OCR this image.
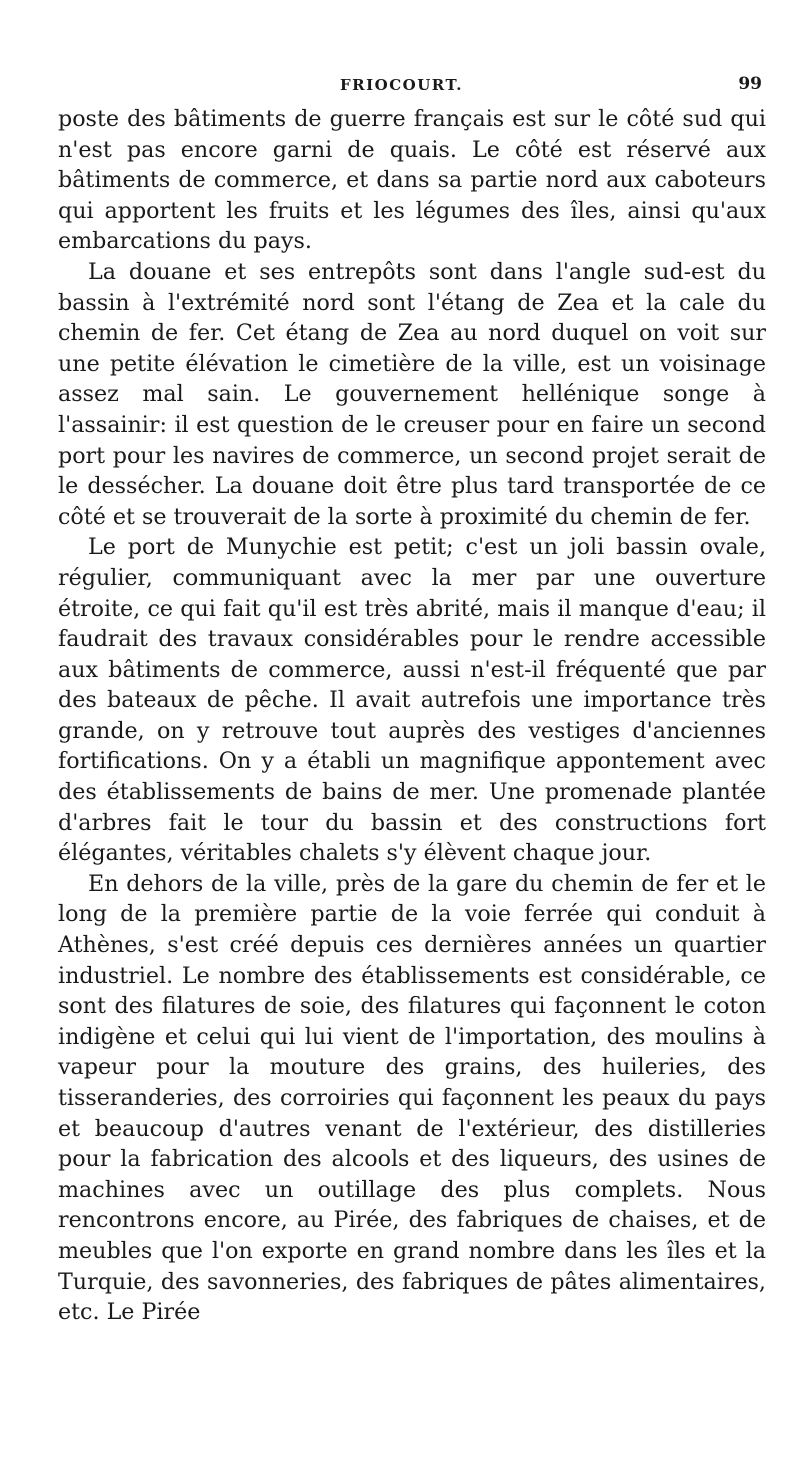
FRIOCOURT.	99

poste des bâtiments de guerre français est sur le côté sud qui n'est pas encore garni de quais. Le côté est réservé aux bâtiments de commerce, et dans sa partie nord aux caboteurs qui apportent les fruits et les légumes des îles, ainsi qu'aux embarcations du pays.

La douane et ses entrepôts sont dans l'angle sud-est du bassin à l'extrémité nord sont l'étang de Zea et la cale du chemin de fer. Cet étang de Zea au nord duquel on voit sur une petite élévation le cimetière de la ville, est un voisinage assez mal sain. Le gouvernement hellénique songe à l'assainir: il est question de le creuser pour en faire un second port pour les navires de commerce, un second projet serait de le dessécher. La douane doit être plus tard transportée de ce côté et se trouverait de la sorte à proximité du chemin de fer.

Le port de Munychie est petit; c'est un joli bassin ovale, régulier, communiquant avec la mer par une ouverture étroite, ce qui fait qu'il est très abrité, mais il manque d'eau; il faudrait des travaux considérables pour le rendre accessible aux bâtiments de commerce, aussi n'est-il fréquenté que par des bateaux de pêche. Il avait autrefois une importance très grande, on y retrouve tout auprès des vestiges d'anciennes fortifications. On y a établi un magnifique appontement avec des établissements de bains de mer. Une promenade plantée d'arbres fait le tour du bassin et des constructions fort élégantes, véritables chalets s'y élèvent chaque jour.

En dehors de la ville, près de la gare du chemin de fer et le long de la première partie de la voie ferrée qui conduit à Athènes, s'est créé depuis ces dernières années un quartier industriel. Le nombre des établissements est considérable, ce sont des filatures de soie, des filatures qui façonnent le coton indigène et celui qui lui vient de l'importation, des moulins à vapeur pour la mouture des grains, des huileries, des tisseranderies, des corroiries qui façonnent les peaux du pays et beaucoup d'autres venant de l'extérieur, des distilleries pour la fabrication des alcools et des liqueurs, des usines de machines avec un outillage des plus complets. Nous rencontrons encore, au Pirée, des fabriques de chaises, et de meubles que l'on exporte en grand nombre dans les îles et la Turquie, des savonneries, des fabriques de pâtes alimentaires, etc. Le Pirée
